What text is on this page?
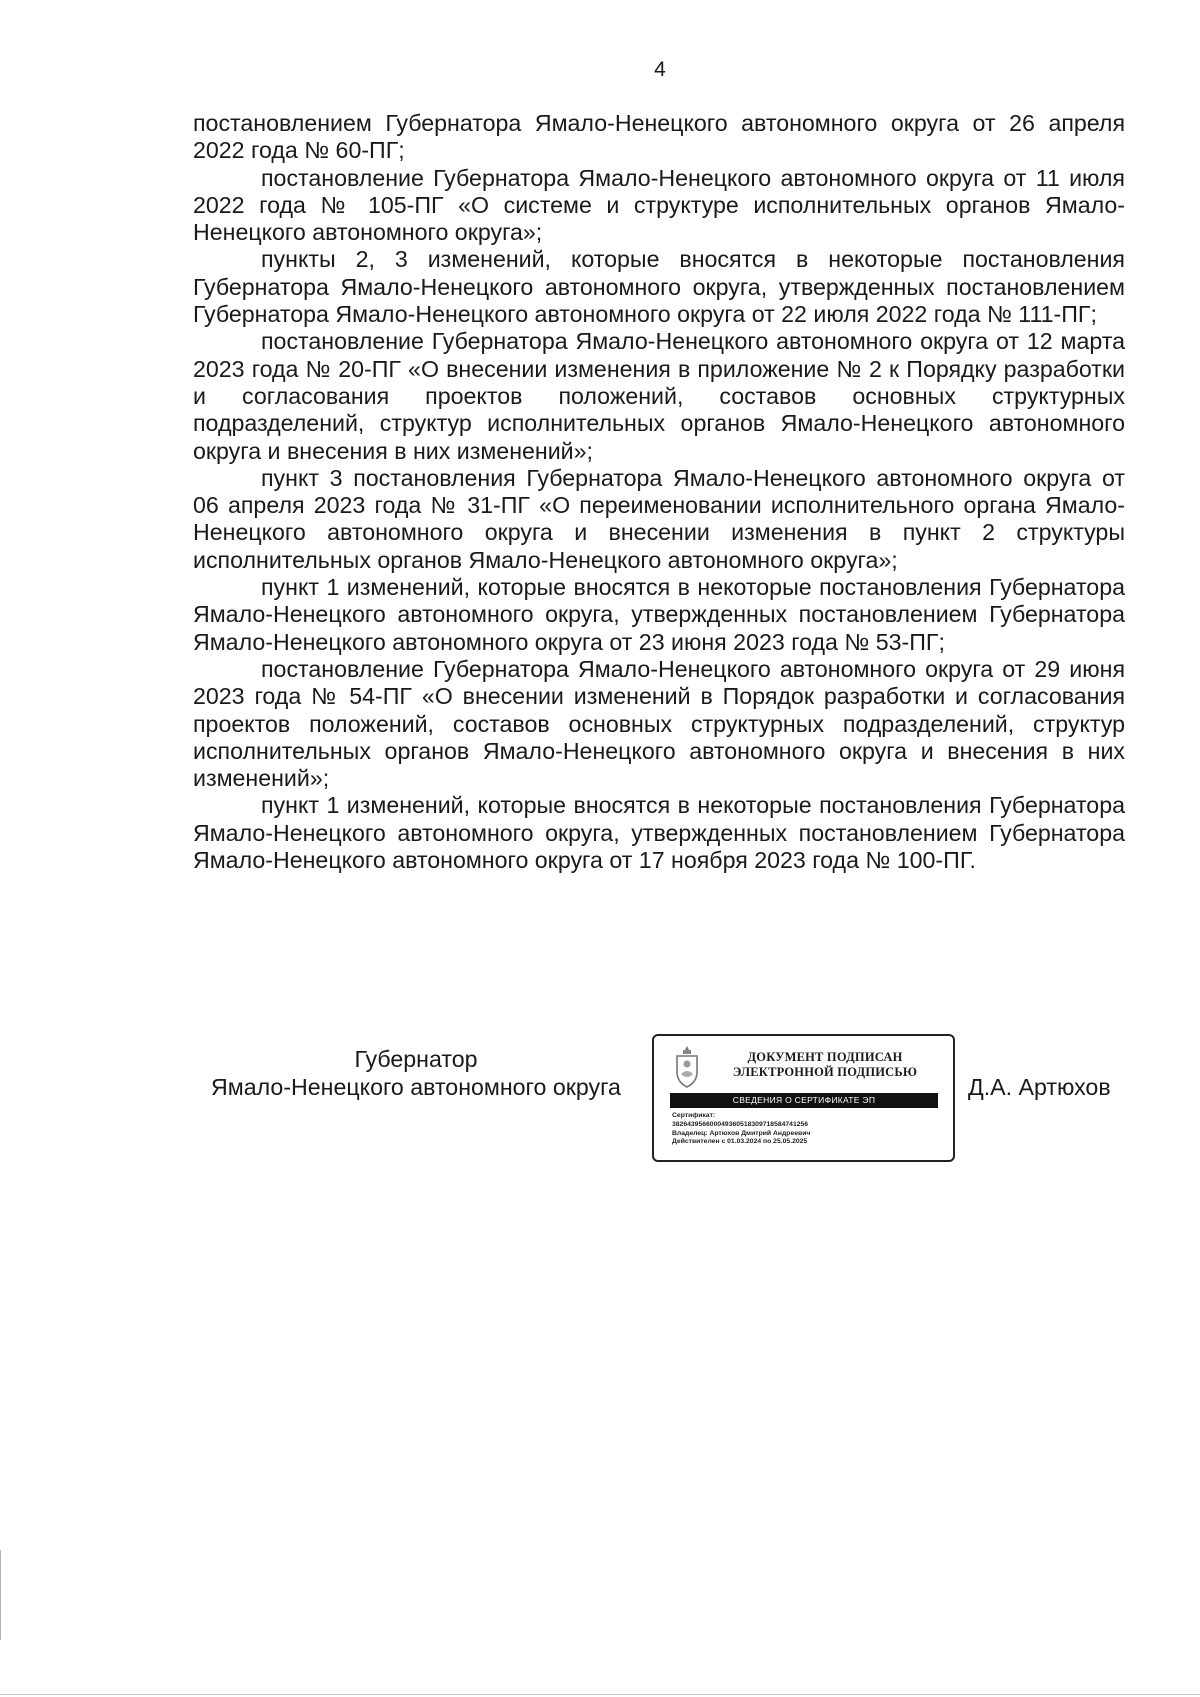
4

постановлением Губернатора Ямало-Ненецкого автономного округа от 26 апреля 2022 года № 60-ПГ;

постановление Губернатора Ямало-Ненецкого автономного округа от 11 июля 2022 года № 105-ПГ «О системе и структуре исполнительных органов Ямало-Ненецкого автономного округа»;

пункты 2, 3 изменений, которые вносятся в некоторые постановления Губернатора Ямало-Ненецкого автономного округа, утвержденных постановлением Губернатора Ямало-Ненецкого автономного округа от 22 июля 2022 года № 111-ПГ;

постановление Губернатора Ямало-Ненецкого автономного округа от 12 марта 2023 года № 20-ПГ «О внесении изменения в приложение № 2 к Порядку разработки и согласования проектов положений, составов основных структурных подразделений, структур исполнительных органов Ямало-Ненецкого автономного округа и внесения в них изменений»;

пункт 3 постановления Губернатора Ямало-Ненецкого автономного округа от 06 апреля 2023 года № 31-ПГ «О переименовании исполнительного органа Ямало-Ненецкого автономного округа и внесении изменения в пункт 2 структуры исполнительных органов Ямало-Ненецкого автономного округа»;

пункт 1 изменений, которые вносятся в некоторые постановления Губернатора Ямало-Ненецкого автономного округа, утвержденных постановлением Губернатора Ямало-Ненецкого автономного округа от 23 июня 2023 года № 53-ПГ;

постановление Губернатора Ямало-Ненецкого автономного округа от 29 июня 2023 года № 54-ПГ «О внесении изменений в Порядок разработки и согласования проектов положений, составов основных структурных подразделений, структур исполнительных органов Ямало-Ненецкого автономного округа и внесения в них изменений»;

пункт 1 изменений, которые вносятся в некоторые постановления Губернатора Ямало-Ненецкого автономного округа, утвержденных постановлением Губернатора Ямало-Ненецкого автономного округа от 17 ноября 2023 года № 100-ПГ.

Губернатор
Ямало-Ненецкого автономного округа
ДОКУМЕНТ ПОДПИСАН
ЭЛЕКТРОННОЙ ПОДПИСЬЮ
СВЕДЕНИЯ О СЕРТИФИКАТЕ ЭП
Сертификат:
382643956600049360518309718584741256
Владелец: Артюхов Дмитрий Андреевич
Действителен с 01.03.2024 по 25.05.2025
Д.А. Артюхов
